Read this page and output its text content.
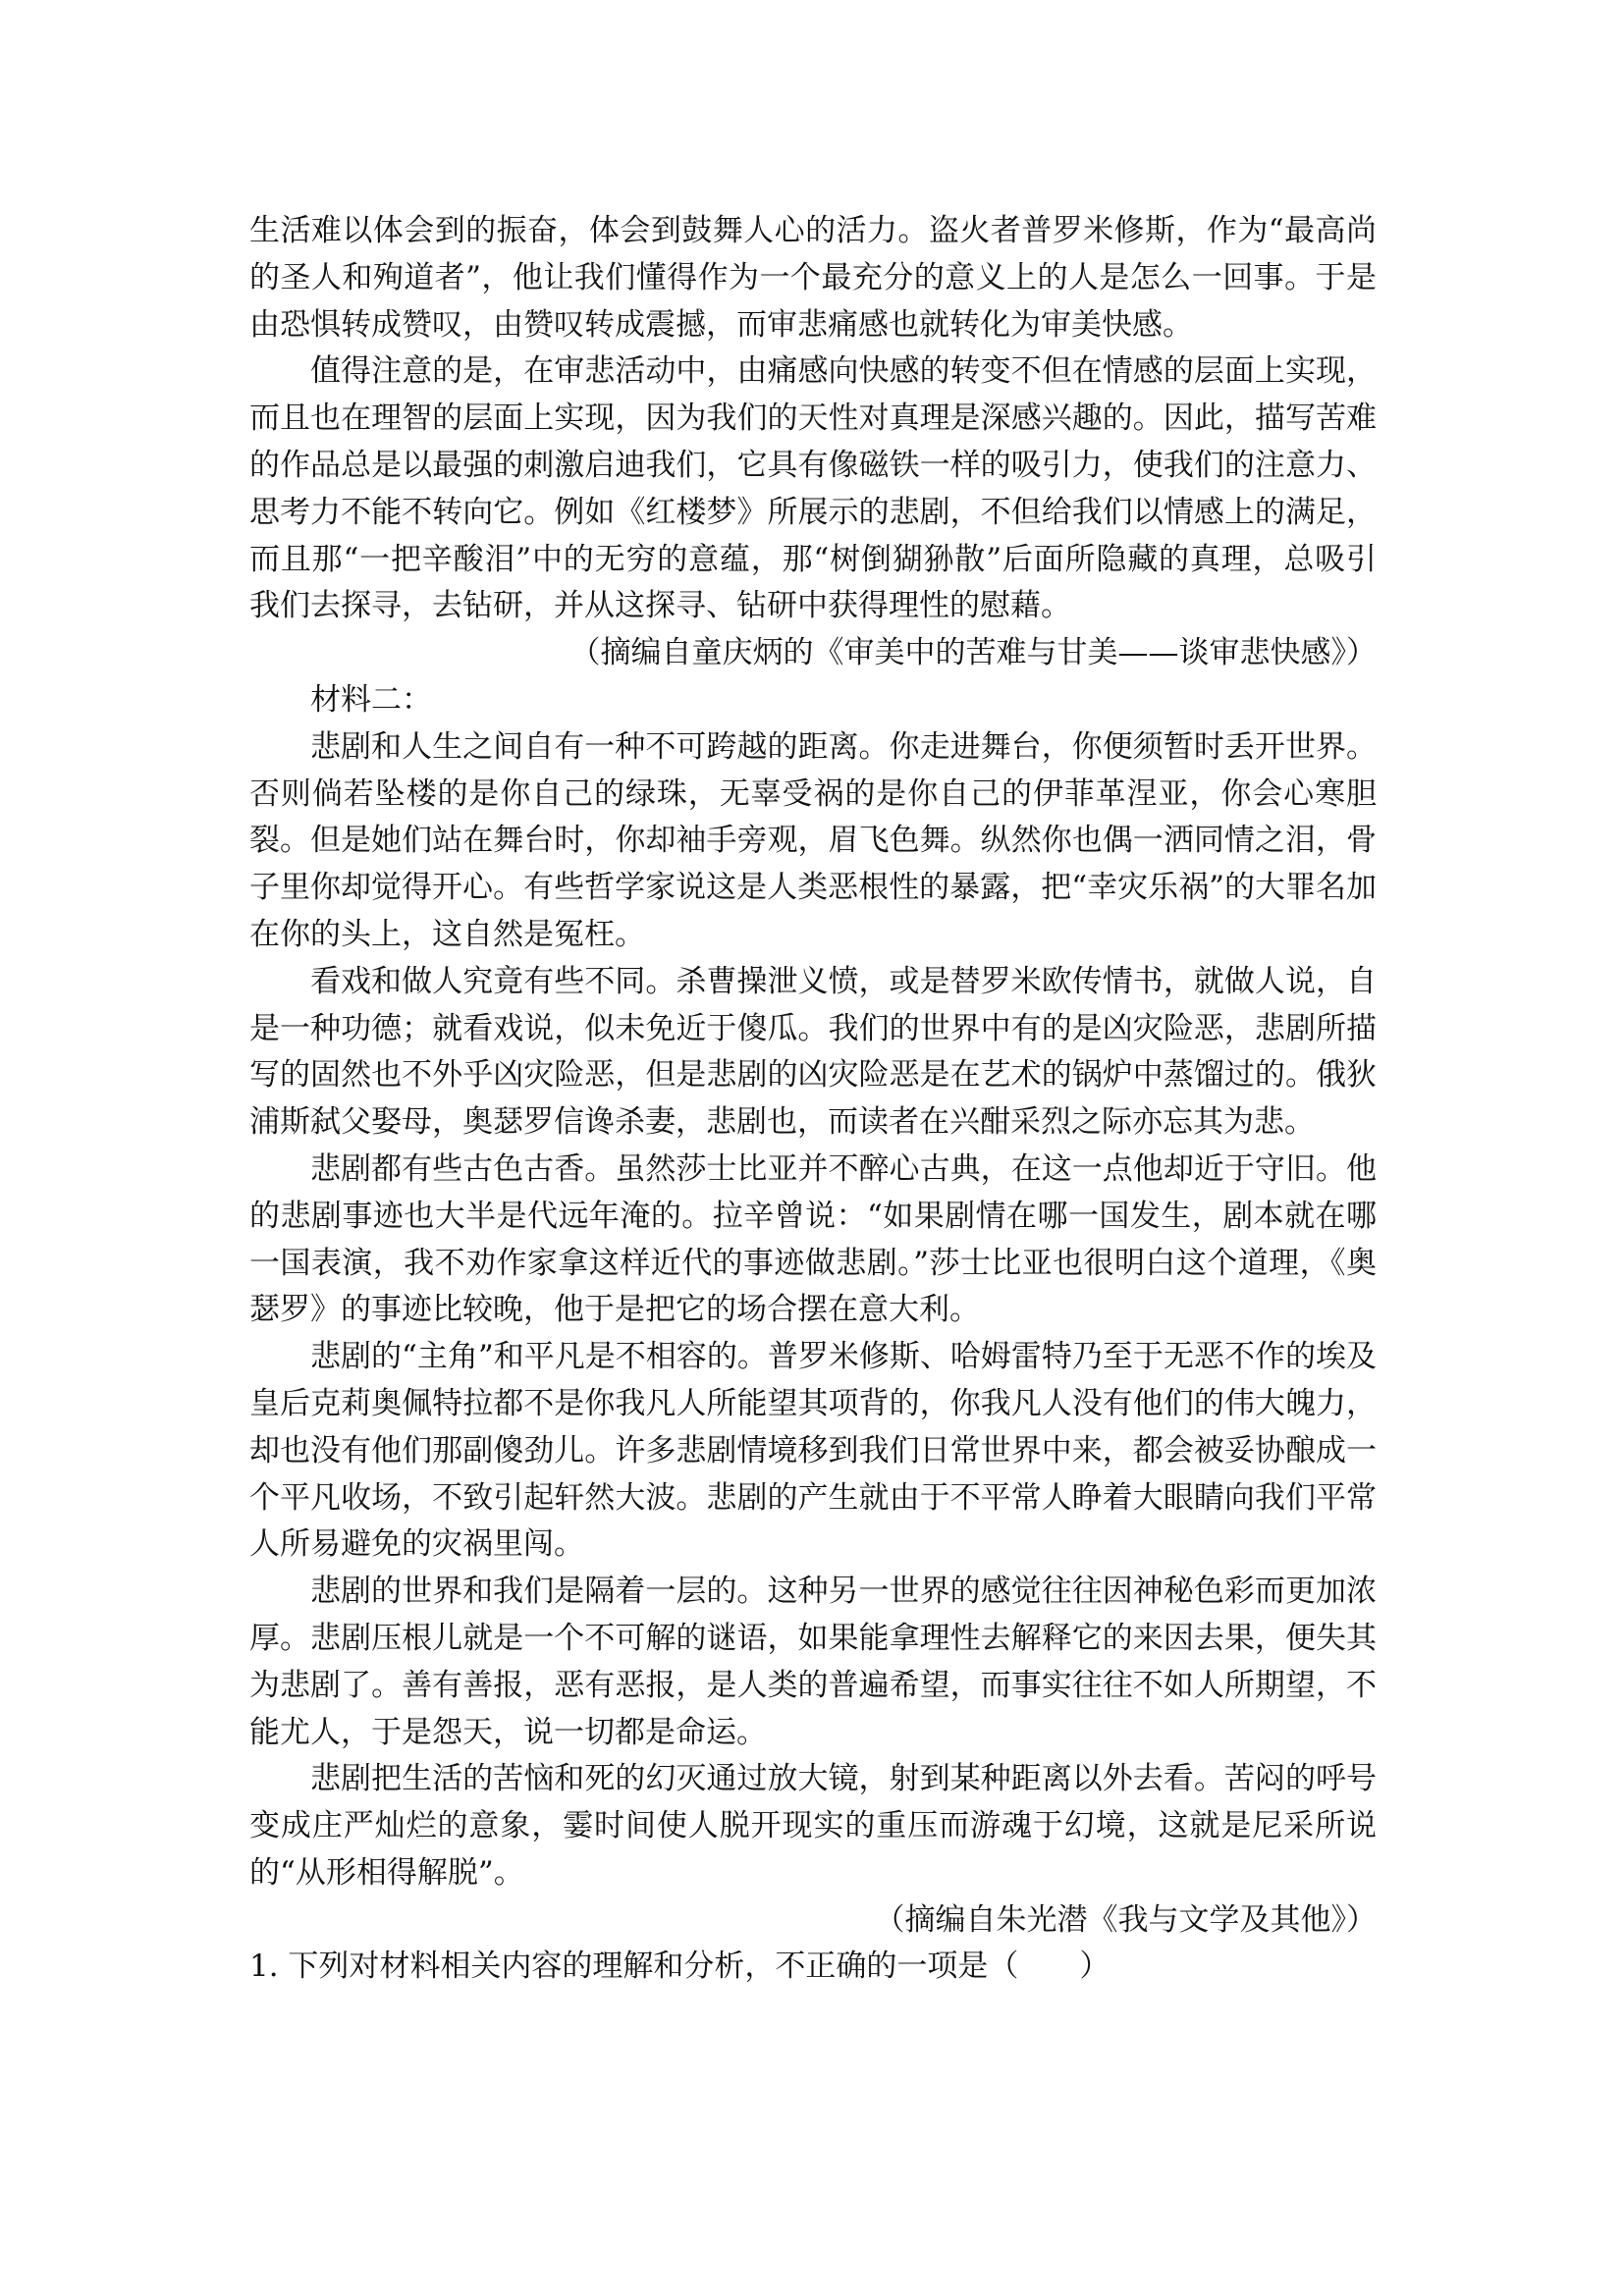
生活难以体会到的振奋，体会到鼓舞人心的活力。盗火者普罗米修斯，作为“最高尚的圣人和殉道者”，他让我们懂得作为一个最充分的意义上的人是怎么一回事。于是由恐惧转成赞叹，由赞叹转成震撼，而审悲痛感也就转化为审美快感。

值得注意的是，在审悲活动中，由痛感向快感的转变不但在情感的层面上实现，而且也在理智的层面上实现，因为我们的天性对真理是深感兴趣的。因此，描写苦难的作品总是以最强的刺激启迪我们，它具有像磁铁一样的吸引力，使我们的注意力、思考力不能不转向它。例如《红楼梦》所展示的悲剧，不但给我们以情感上的满足，而且那“一把辛酸泪”中的无穷的意蕴，那“树倒猢狲散”后面所隐藏的真理，总吸引我们去探寻，去钻研，并从这探寻、钻研中获得理性的慰藉。

（摘编自童庆炳的《审美中的苦难与甘美——谈审悲快感》）

材料二：

悲剧和人生之间自有一种不可跨越的距离。你走进舞台，你便须暂时丢开世界。否则倘若坠楼的是你自己的绿珠，无辜受祸的是你自己的伊菲革涅亚，你会心寒胆裂。但是她们站在舞台时，你却袖手旁观，眉飞色舞。纵然你也偶一洒同情之泪，骨子里你却觉得开心。有些哲学家说这是人类恶根性的暴露，把“幸灾乐祸”的大罪名加在你的头上，这自然是冤枉。

看戏和做人究竟有些不同。杀曹操泄义愤，或是替罗米欧传情书，就做人说，自是一种功德；就看戏说，似未免近于傻瓜。我们的世界中有的是凶灾险恶，悲剧所描写的固然也不外乎凶灾险恶，但是悲剧的凶灾险恶是在艺术的锅炉中蒸馏过的。俄狄浦斯弑父娶母，奥瑟罗信谗杀妻，悲剧也，而读者在兴酣采烈之际亦忘其为悲。

悲剧都有些古色古香。虽然莎士比亚并不醉心古典，在这一点他却近于守旧。他的悲剧事迹也大半是代远年淹的。拉辛曾说：“如果剧情在哪一国发生，剧本就在哪一国表演，我不劝作家拿这样近代的事迹做悲剧。”莎士比亚也很明白这个道理，《奥瑟罗》的事迹比较晚，他于是把它的场合摆在意大利。

悲剧的“主角”和平凡是不相容的。普罗米修斯、哈姆雷特乃至于无恶不作的埃及皇后克莉奥佩特拉都不是你我凡人所能望其项背的，你我凡人没有他们的伟大魄力，却也没有他们那副傻劲儿。许多悲剧情境移到我们日常世界中来，都会被妥协酿成一个平凡收场，不致引起轩然大波。悲剧的产生就由于不平常人睁着大眼睛向我们平常人所易避免的灾祸里闯。

悲剧的世界和我们是隔着一层的。这种另一世界的感觉往往因神秘色彩而更加浓厚。悲剧压根儿就是一个不可解的谜语，如果能拿理性去解释它的来因去果，便失其为悲剧了。善有善报，恶有恶报，是人类的普遍希望，而事实往往不如人所期望，不能尤人，于是怨天，说一切都是命运。

悲剧把生活的苦恼和死的幻灭通过放大镜，射到某种距离以外去看。苦闷的呼号变成庄严灿烂的意象，霎时间使人脱开现实的重压而游魂于幻境，这就是尼采所说的“从形相得解脱”。

（摘编自朱光潜《我与文学及其他》）

1. 下列对材料相关内容的理解和分析，不正确的一项是（　　）
